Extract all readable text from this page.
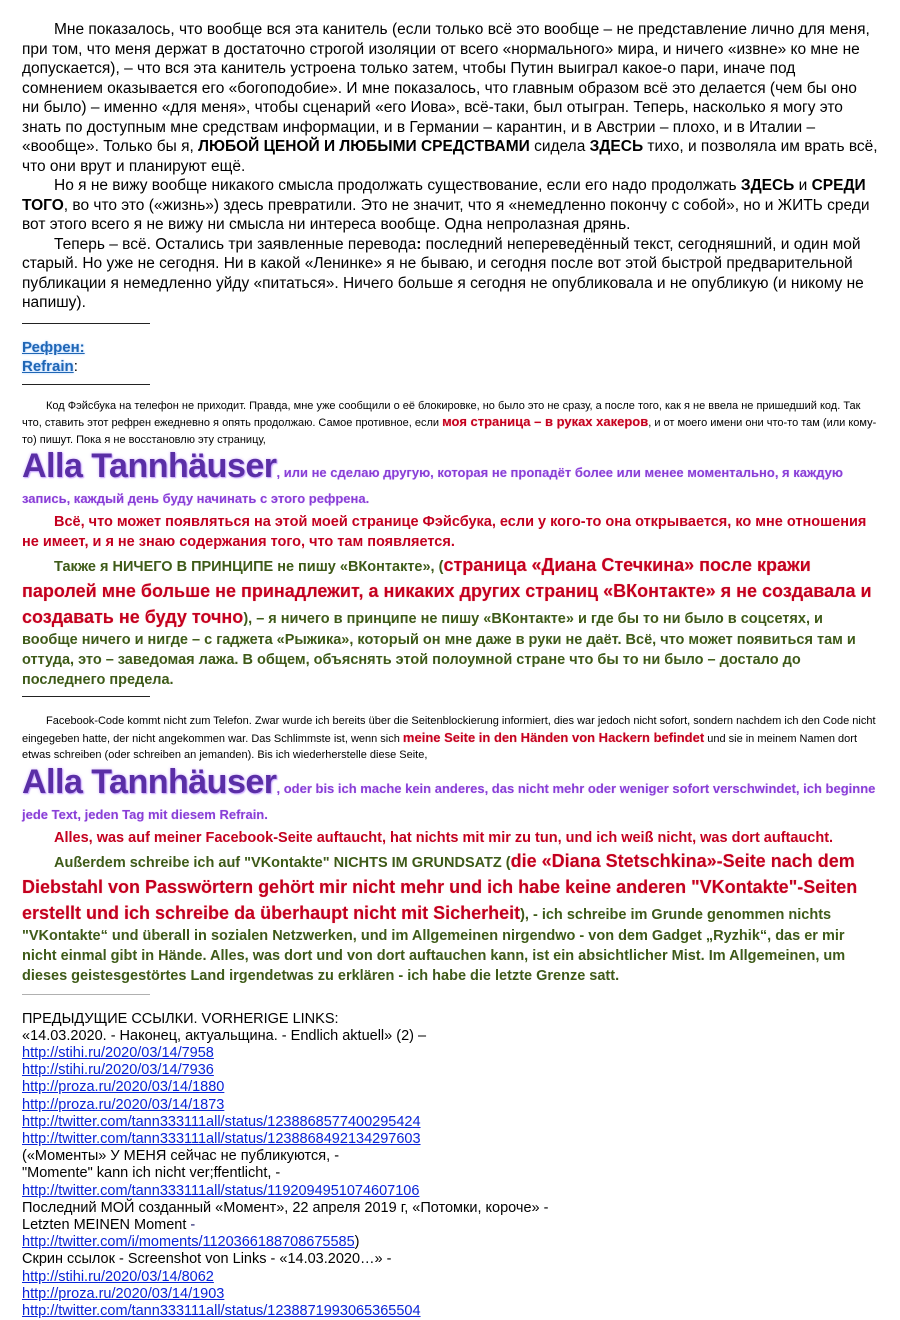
Мне показалось, что вообще вся эта канитель (если только всё это вообще – не представление лично для меня, при том, что меня держат в достаточно строгой изоляции от всего «нормального» мира, и ничего «извне» ко мне не допускается), – что вся эта канитель устроена только затем, чтобы Путин выиграл какое-о пари, иначе под сомнением оказывается его «богоподобие». И мне показалось, что главным образом всё это делается (чем бы оно ни было) – именно «для меня», чтобы сценарий «его Иова», всё-таки, был отыгран. Теперь, насколько я могу это знать по доступным мне средствам информации, и в Германии – карантин, и в Австрии – плохо, и в Италии – «вообще». Только бы я, ЛЮБОЙ ЦЕНОЙ И ЛЮБЫМИ СРЕДСТВАМИ сидела ЗДЕСЬ тихо, и позволяла им врать всё, что они врут и планируют ещё.

Но я не вижу вообще никакого смысла продолжать существование, если его надо продолжать ЗДЕСЬ и СРЕДИ ТОГО, во что это («жизнь») здесь превратили. Это не значит, что я «немедленно покончу с собой», но и ЖИТЬ среди вот этого всего я не вижу ни смысла ни интереса вообще. Одна непролазная дрянь.

Теперь – всё. Остались три заявленные перевода: последний непереведённый текст, сегодняшний, и один мой старый. Но уже не сегодня. Ни в какой «Ленинке» я не бываю, и сегодня после вот этой быстрой предварительной публикации я немедленно уйду «питаться». Ничего больше я сегодня не опубликовала и не опубликую (и никому не напишу).

Рефрен:

Refrain:

Код Фэйсбука на телефон не приходит. Правда, мне уже сообщили о её блокировке, но было это не сразу, а после того, как я не ввела не пришедший код. Так что, ставить этот рефрен ежедневно я опять продолжаю. Самое противное, если моя страница – в руках хакеров, и от моего имени они что-то там (или кому-то) пишут. Пока я не восстановлю эту страницу,

Alla Tannhäuser, или не сделаю другую, которая не пропадёт более или менее моментально, я каждую запись, каждый день буду начинать с этого рефрена.

Всё, что может появляться на этой моей странице Фэйсбука, если у кого-то она открывается, ко мне отношения не имеет, и я не знаю содержания того, что там появляется.

Также я НИЧЕГО В ПРИНЦИПЕ не пишу «ВКонтакте», (страница «Диана Стечкина» после кражи паролей мне больше не принадлежит, а никаких других страниц «ВКонтакте» я не создавала и создавать не буду точно), – я ничего в принципе не пишу «ВКонтакте» и где бы то ни было в соцсетях, и вообще ничего и нигде – с гаджета «Рыжика», который он мне даже в руки не даёт. Всё, что может появиться там и оттуда, это – заведомая лажа. В общем, объяснять этой полоумной стране что бы то ни было – достало до последнего предела.

Facebook-Code kommt nicht zum Telefon. Zwar wurde ich bereits über die Seitenblockierung informiert, dies war jedoch nicht sofort, sondern nachdem ich den Code nicht eingegeben hatte, der nicht angekommen war. Das Schlimmste ist, wenn sich meine Seite in den Händen von Hackern befindet und sie in meinem Namen dort etwas schreiben (oder schreiben an jemanden). Bis ich wiederherstelle diese Seite,

Alla Tannhäuser, oder bis ich mache kein anderes, das nicht mehr oder weniger sofort verschwindet, ich beginne jede Text, jeden Tag mit diesem Refrain.

Alles, was auf meiner Facebook-Seite auftaucht, hat nichts mit mir zu tun, und ich weiß nicht, was dort auftaucht.

Außerdem schreibe ich auf "VKontakte" NICHTS IM GRUNDSATZ (die «Diana Stetschkina»-Seite nach dem Diebstahl von Passwörtern gehört mir nicht mehr und ich habe keine anderen "VKontakte"-Seiten erstellt und ich schreibe da überhaupt nicht mit Sicherheit), - ich schreibe im Grunde genommen nichts "VKontakte“ und überall in sozialen Netzwerken, und im Allgemeinen nirgendwo - von dem Gadget „Ryzhik“, das er mir nicht einmal gibt in Hände. Alles, was dort und von dort auftauchen kann, ist ein absichtlicher Mist. Im Allgemeinen, um dieses geistesgestörtes Land irgendetwas zu erklären - ich habe die letzte Grenze satt.

ПРЕДЫДУЩИЕ ССЫЛКИ. VORHERIGE LINKS:

«14.03.2020. - Наконец, актуальщина. - Endlich aktuell» (2) –

http://stihi.ru/2020/03/14/7958

http://stihi.ru/2020/03/14/7936

http://proza.ru/2020/03/14/1880

http://proza.ru/2020/03/14/1873

http://twitter.com/tann333111all/status/1238868577400295424

http://twitter.com/tann333111all/status/1238868492134297603

(«Моменты» У МЕНЯ сейчас не публикуются, -

"Momente" kann ich nicht ver;ffentlicht, -

http://twitter.com/tann333111all/status/1192094951074607106

Последний МОЙ созданный «Момент», 22 апреля 2019 г, «Потомки, короче» -

Letzten MEINEN Moment -

http://twitter.com/i/moments/1120366188708675585)

Скрин ссылок - Screenshot von Links - «14.03.2020…» -

http://stihi.ru/2020/03/14/8062

http://proza.ru/2020/03/14/1903

http://twitter.com/tann333111all/status/1238871993065365504
